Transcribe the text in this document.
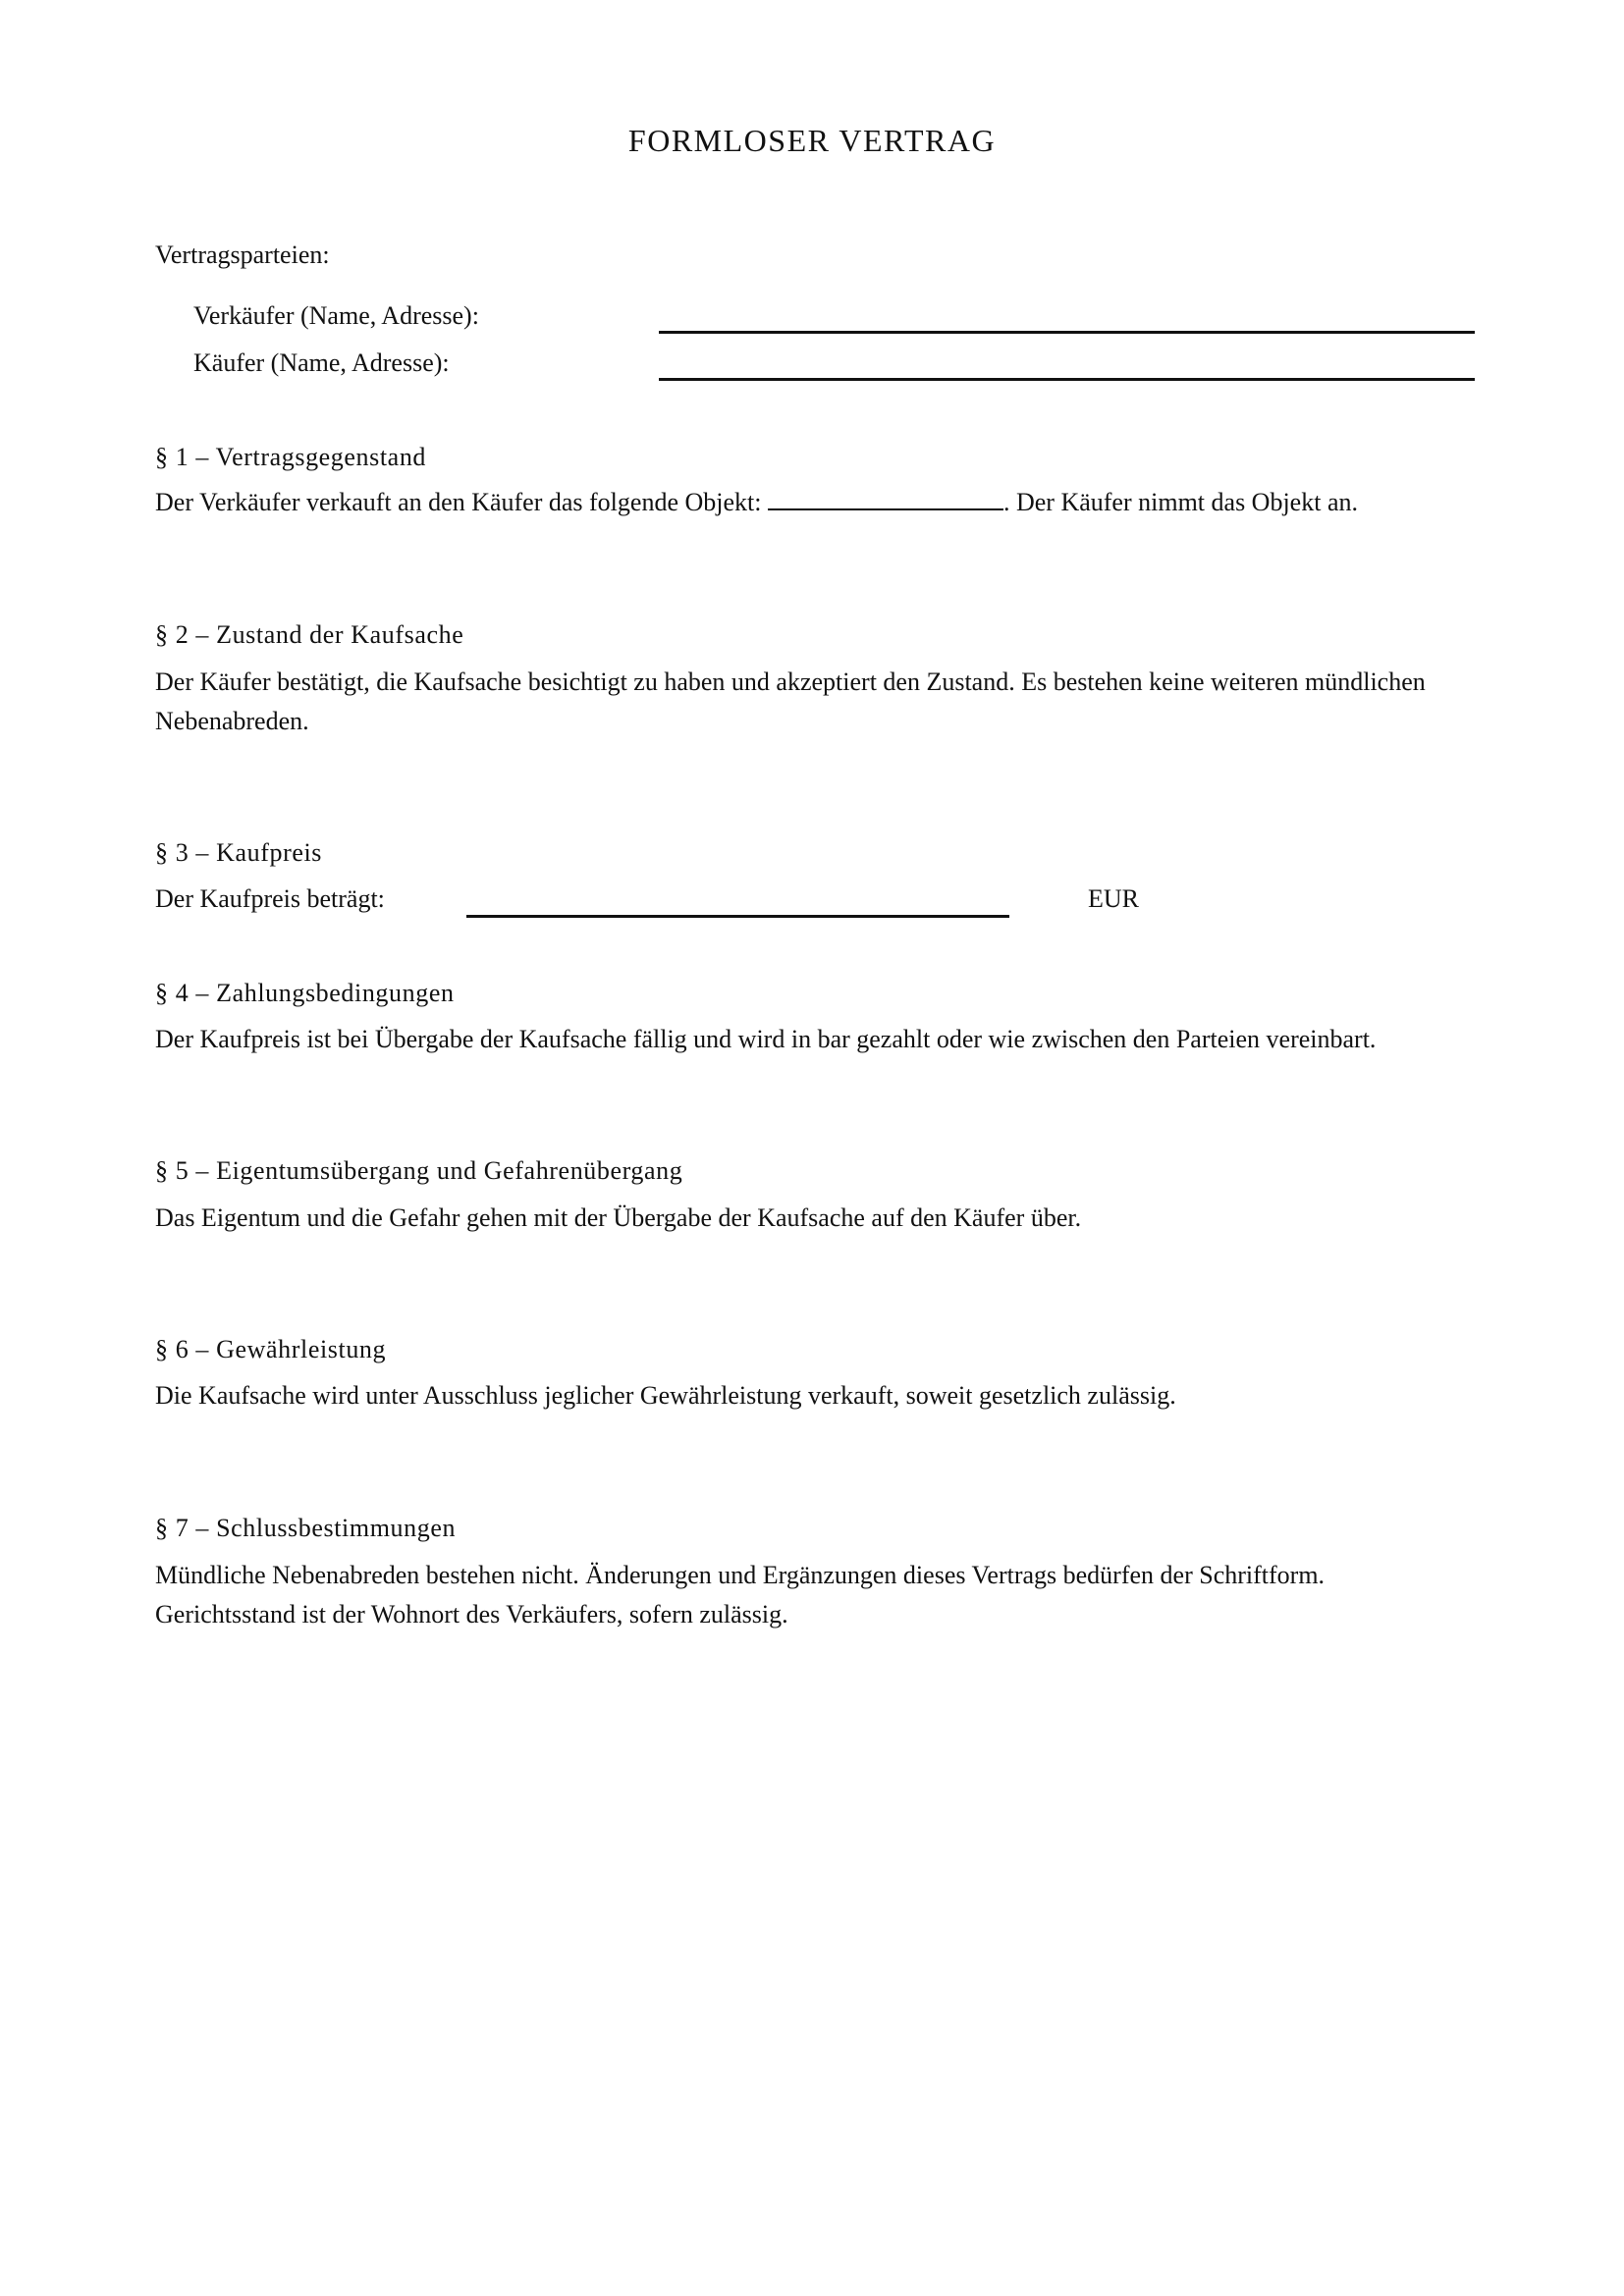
FORMLOSER VERTRAG
Vertragsparteien:
Verkäufer (Name, Adresse):
Käufer (Name, Adresse):
§ 1 – Vertragsgegenstand
Der Verkäufer verkauft an den Käufer das folgende Objekt:	. Der Käufer nimmt das Objekt an.
§ 2 – Zustand der Kaufsache
Der Käufer bestätigt, die Kaufsache besichtigt zu haben und akzeptiert den Zustand. Es bestehen keine weiteren mündlichen Nebenabreden.
§ 3 – Kaufpreis
Der Kaufpreis beträgt:	EUR
§ 4 – Zahlungsbedingungen
Der Kaufpreis ist bei Übergabe der Kaufsache fällig und wird in bar gezahlt oder wie zwischen den Parteien vereinbart.
§ 5 – Eigentumsübergang und Gefahrenübergang
Das Eigentum und die Gefahr gehen mit der Übergabe der Kaufsache auf den Käufer über.
§ 6 – Gewährleistung
Die Kaufsache wird unter Ausschluss jeglicher Gewährleistung verkauft, soweit gesetzlich zulässig.
§ 7 – Schlussbestimmungen
Mündliche Nebenabreden bestehen nicht. Änderungen und Ergänzungen dieses Vertrags bedürfen der Schriftform. Gerichtsstand ist der Wohnort des Verkäufers, sofern zulässig.
